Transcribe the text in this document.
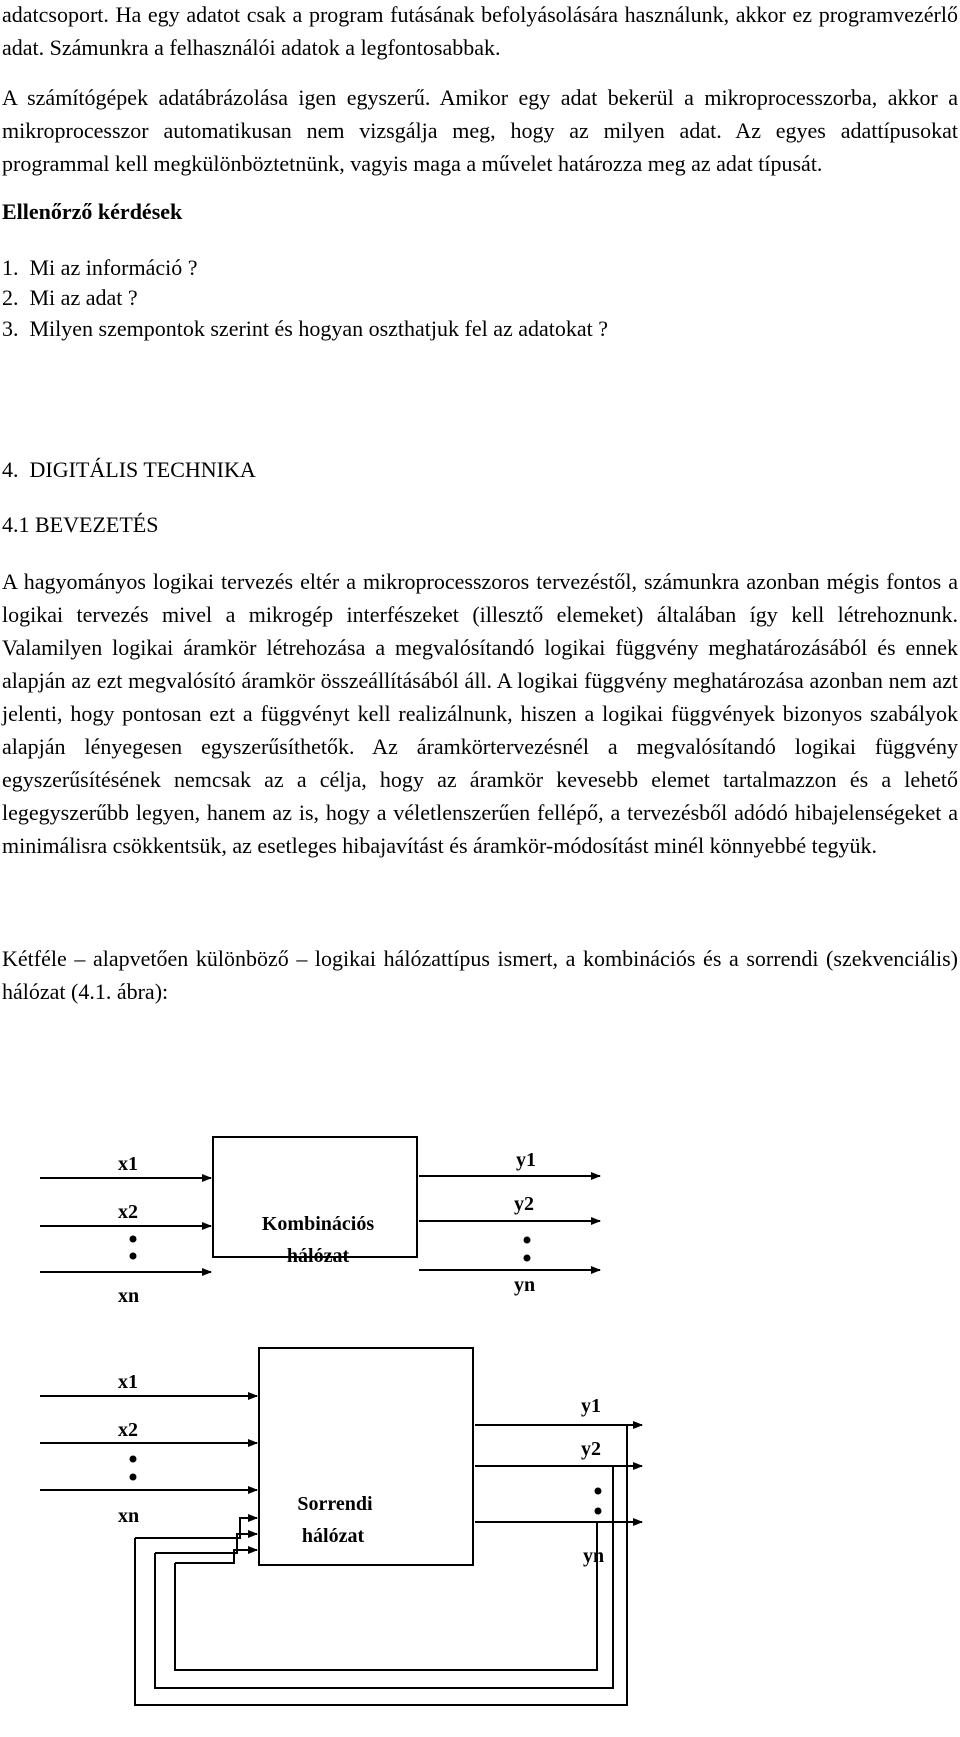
adatcsoport. Ha egy adatot csak a program futásának befolyásolására használunk, akkor ez programvezérlő adat. Számunkra a felhasználói adatok a legfontosabbak.

A számítógépek adatábrázolása igen egyszerű. Amikor egy adat bekerül a mikroprocesszorba, akkor a mikroprocesszor automatikusan nem vizsgálja meg, hogy az milyen adat. Az egyes adattípusokat programmal kell megkülönböztetnünk, vagyis maga a művelet határozza meg az adat típusát.

Ellenőrző kérdések

1.  Mi az információ ?

2.  Mi az adat ?

3.  Milyen szempontok szerint és hogyan oszthatjuk fel az adatokat ?

4.  DIGITÁLIS TECHNIKA

4.1 BEVEZETÉS

A hagyományos logikai tervezés eltér a mikroprocesszoros tervezéstől, számunkra azonban mégis fontos a logikai tervezés mivel a mikrogép interfészeket (illesztő elemeket) általában így kell létrehoznunk. Valamilyen logikai áramkör létrehozása a megvalósítandó logikai függvény meghatározásából és ennek alapján az ezt megvalósító áramkör összeállításából áll. A logikai függvény meghatározása azonban nem azt jelenti, hogy pontosan ezt a függvényt kell realizálnunk, hiszen a logikai függvények bizonyos szabályok alapján lényegesen egyszerűsíthetők. Az áramkörtervezésnél a megvalósítandó logikai függvény egyszerűsítésének nemcsak az a célja, hogy az áramkör kevesebb elemet tartalmazzon és a lehető legegyszerűbb legyen, hanem az is, hogy a véletlenszerűen fellépő, a tervezésből adódó hibajelenségeket a minimálisra csökkentsük, az esetleges hibajavítást és áramkör-módosítást minél könnyebbé tegyük.

Kétféle – alapvetően különböző – logikai hálózattípus ismert, a kombinációs és a sorrendi (szekvenciális) hálózat (4.1. ábra):

Kombinációs
hálózat
x1
x2
xn
y1
y2
yn
Sorrendi
hálózat
x1
x2
xn
y1
y2
yn
